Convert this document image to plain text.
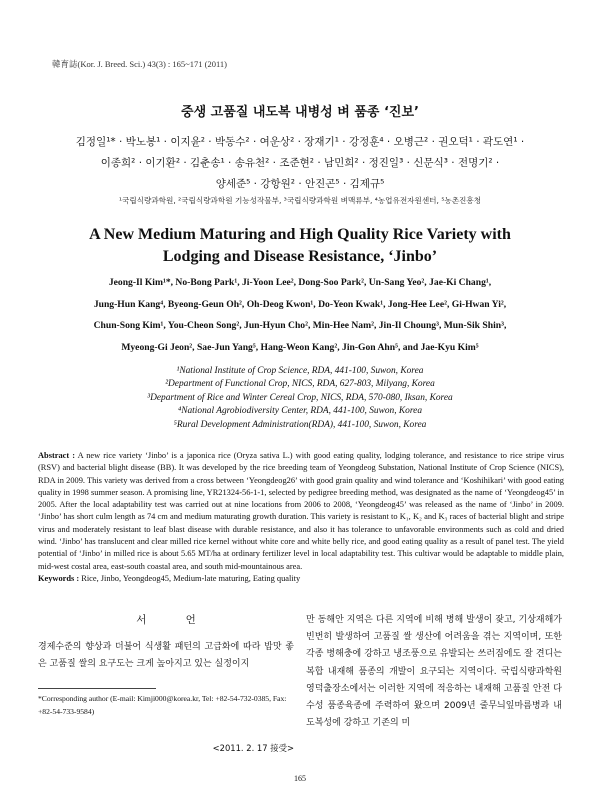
韓育誌(Kor. J. Breed. Sci.) 43(3) : 165~171 (2011)
중생 고품질 내도복 내병성 벼 품종 ‘진보’
김정일¹* · 박노봉¹ · 이지윤² · 박동수² · 여운상² · 장재기¹ · 강정훈⁴ · 오병근² · 권오덕¹ · 곽도연¹ ·
이종희² · 이기환² · 김춘송¹ · 송유천² · 조준현² · 남민희² · 정진일³ · 신문식³ · 전명기² ·
양세준⁵ · 강항원² · 안진곤⁵ · 김제규⁵
¹국립식량과학원, ²국립식량과학원 기능성작물부, ³국립식량과학원 벼맥류부, ⁴농업유전자원센터, ⁵농촌진흥청
A New Medium Maturing and High Quality Rice Variety with
Lodging and Disease Resistance, ‘Jinbo’
Jeong-Il Kim¹*, No-Bong Park¹, Ji-Yoon Lee², Dong-Soo Park², Un-Sang Yeo², Jae-Ki Chang¹,
Jung-Hun Kang⁴, Byeong-Geun Oh², Oh-Deog Kwon¹, Do-Yeon Kwak¹, Jong-Hee Lee², Gi-Hwan Yi²,
Chun-Song Kim¹, You-Cheon Song², Jun-Hyun Cho², Min-Hee Nam², Jin-Il Choung³, Mun-Sik Shin³,
Myeong-Gi Jeon², Sae-Jun Yang⁵, Hang-Weon Kang², Jin-Gon Ahn⁵, and Jae-Kyu Kim⁵
¹National Institute of Crop Science, RDA, 441-100, Suwon, Korea
²Department of Functional Crop, NICS, RDA, 627-803, Milyang, Korea
³Department of Rice and Winter Cereal Crop, NICS, RDA, 570-080, Iksan, Korea
⁴National Agrobiodiversity Center, RDA, 441-100, Suwon, Korea
⁵Rural Development Administration(RDA), 441-100, Suwon, Korea
Abstract : A new rice variety ‘Jinbo’ is a japonica rice (Oryza sativa L.) with good eating quality, lodging tolerance, and resistance to rice stripe virus (RSV) and bacterial blight disease (BB). It was developed by the rice breeding team of Yeongdeog Substation, National Institute of Crop Science (NICS), RDA in 2009. This variety was derived from a cross between ‘Yeongdeog26’ with good grain quality and wind tolerance and ‘Koshihikari’ with good eating quality in 1998 summer season. A promising line, YR21324-56-1-1, selected by pedigree breeding method, was designated as the name of ‘Yeongdeog45’ in 2005. After the local adaptability test was carried out at nine locations from 2006 to 2008, ‘Yeongdeog45’ was released as the name of ‘Jinbo’ in 2009. ‘Jinbo’ has short culm length as 74 cm and medium maturating growth duration. This variety is resistant to K₁, K₂ and K₃ races of bacterial blight and stripe virus and moderately resistant to leaf blast disease with durable resistance, and also it has tolerance to unfavorable environments such as cold and dried wind. ‘Jinbo’ has translucent and clear milled rice kernel without white core and white belly rice, and good eating quality as a result of panel test. The yield potential of ‘Jinbo’ in milled rice is about 5.65 MT/ha at ordinary fertilizer level in local adaptability test. This cultivar would be adaptable to middle plain, mid-west costal area, east-south coastal area, and south mid-mountainous area.
Keywords : Rice, Jinbo, Yeongdeog45, Medium-late maturing, Eating quality
서 언
경제수준의 향상과 더불어 식생활 패턴의 고급화에 따라 밥맛 좋은 고품질 쌀의 요구도는 크게 높아지고 있는 실정이지
*Corresponding author (E-mail: Kimji000@korea.kr, Tel: +82-54-732-0385, Fax: +82-54-733-9584)
<2011. 2. 17 接受>
만 동해안 지역은 다른 지역에 비해 병해 발생이 잦고, 기상재해가 빈번히 발생하여 고품질 쌀 생산에 어려움을 겪는 지역이며, 또한 각종 병해충에 강하고 냉조풍으로 유발되는 쓰러짐에도 잘 견디는 복합 내재해 품종의 개발이 요구되는 지역이다. 국립식량과학원 영덕출장소에서는 이러한 지역에 적응하는 내재해 고품질 안전 다수성 품종육종에 주력하여 왔으며 2009년 줄무늬잎마름병과 내도복성에 강하고 기존의 미
165
